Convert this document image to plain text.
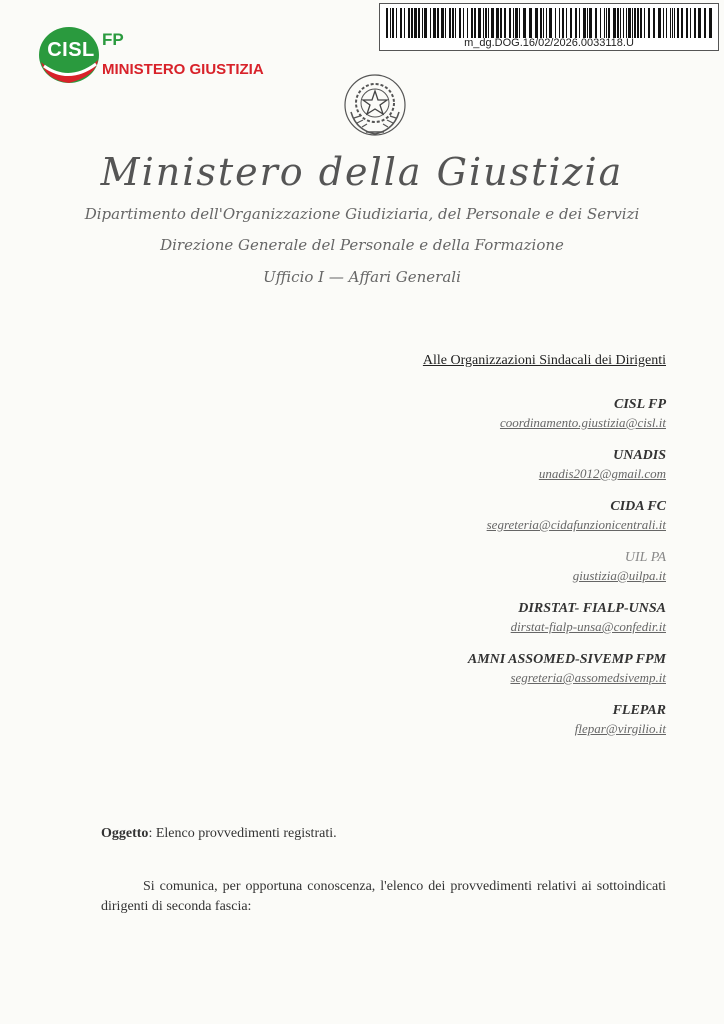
CISL FP
MINISTERO GIUSTIZIA
m_dg.DOG.16/02/2026.0033118.U
Ministero della Giustizia
Dipartimento dell'Organizzazione Giudiziaria, del Personale e dei Servizi
Direzione Generale del Personale e della Formazione
Ufficio I — Affari Generali
Alle Organizzazioni Sindacali dei Dirigenti
CISL FP
coordinamento.giustizia@cisl.it
UNADIS
unadis2012@gmail.com
CIDA FC
segreteria@cidafunzionicentrali.it
UIL PA
giustizia@uilpa.it
DIRSTAT- FIALP-UNSA
dirstat-fialp-unsa@confedir.it
AMNI ASSOMED-SIVEMP FPM
segreteria@assomedsivemp.it
FLEPAR
flepar@virgilio.it
Oggetto: Elenco provvedimenti registrati.
Si comunica, per opportuna conoscenza, l'elenco dei provvedimenti relativi ai sottoindicati dirigenti di seconda fascia:
